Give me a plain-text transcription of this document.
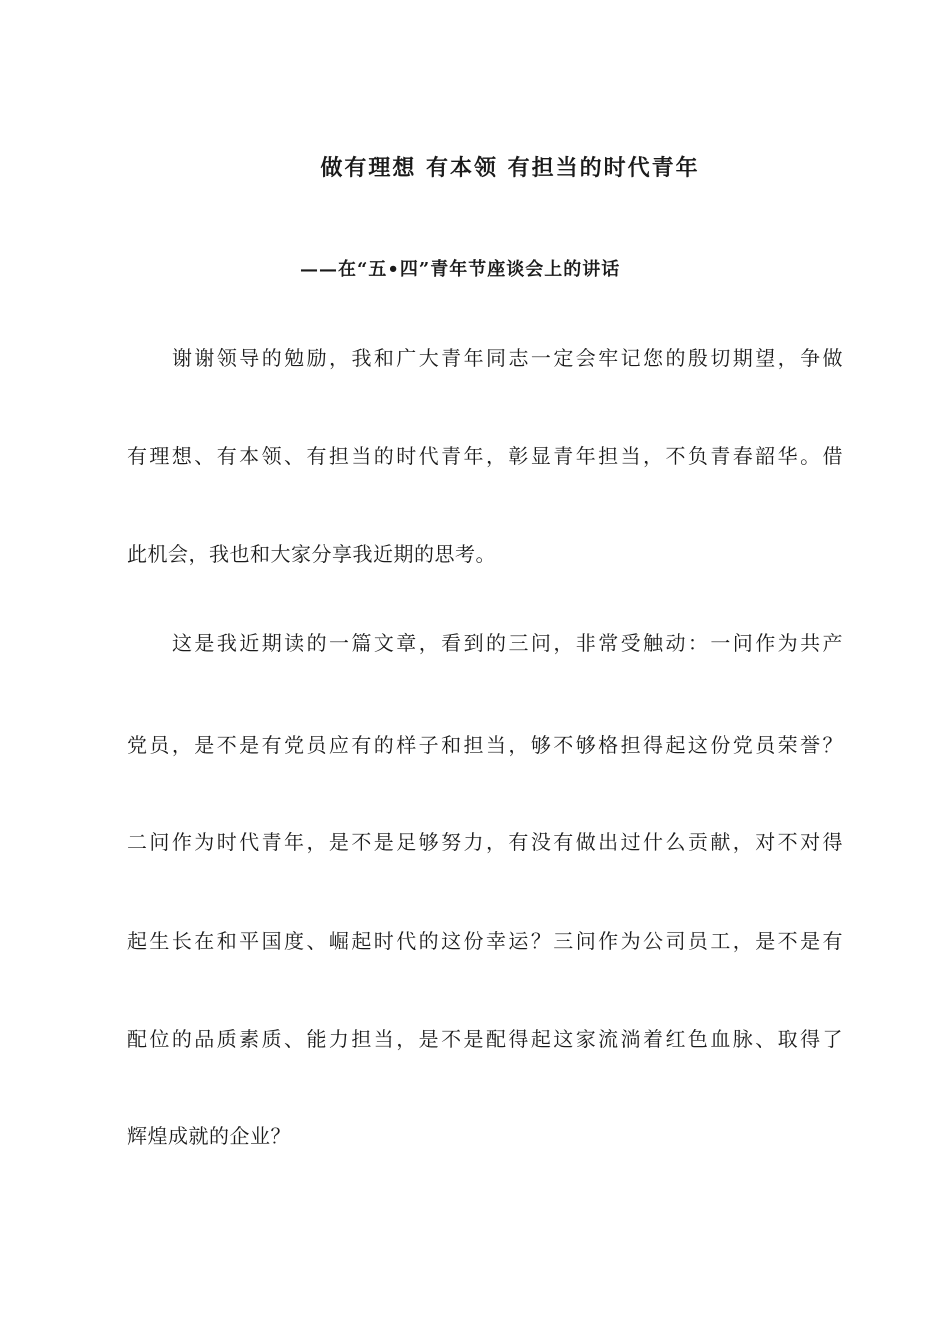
做有理想 有本领 有担当的时代青年
——在“五•四”青年节座谈会上的讲话
谢谢领导的勉励，我和广大青年同志一定会牢记您的殷切期望，争做
有理想、有本领、有担当的时代青年，彰显青年担当，不负青春韶华。借
此机会，我也和大家分享我近期的思考。
这是我近期读的一篇文章，看到的三问，非常受触动：一问作为共产
党员，是不是有党员应有的样子和担当，够不够格担得起这份党员荣誉？
二问作为时代青年，是不是足够努力，有没有做出过什么贡献，对不对得
起生长在和平国度、崛起时代的这份幸运？三问作为公司员工，是不是有
配位的品质素质、能力担当，是不是配得起这家流淌着红色血脉、取得了
辉煌成就的企业？
